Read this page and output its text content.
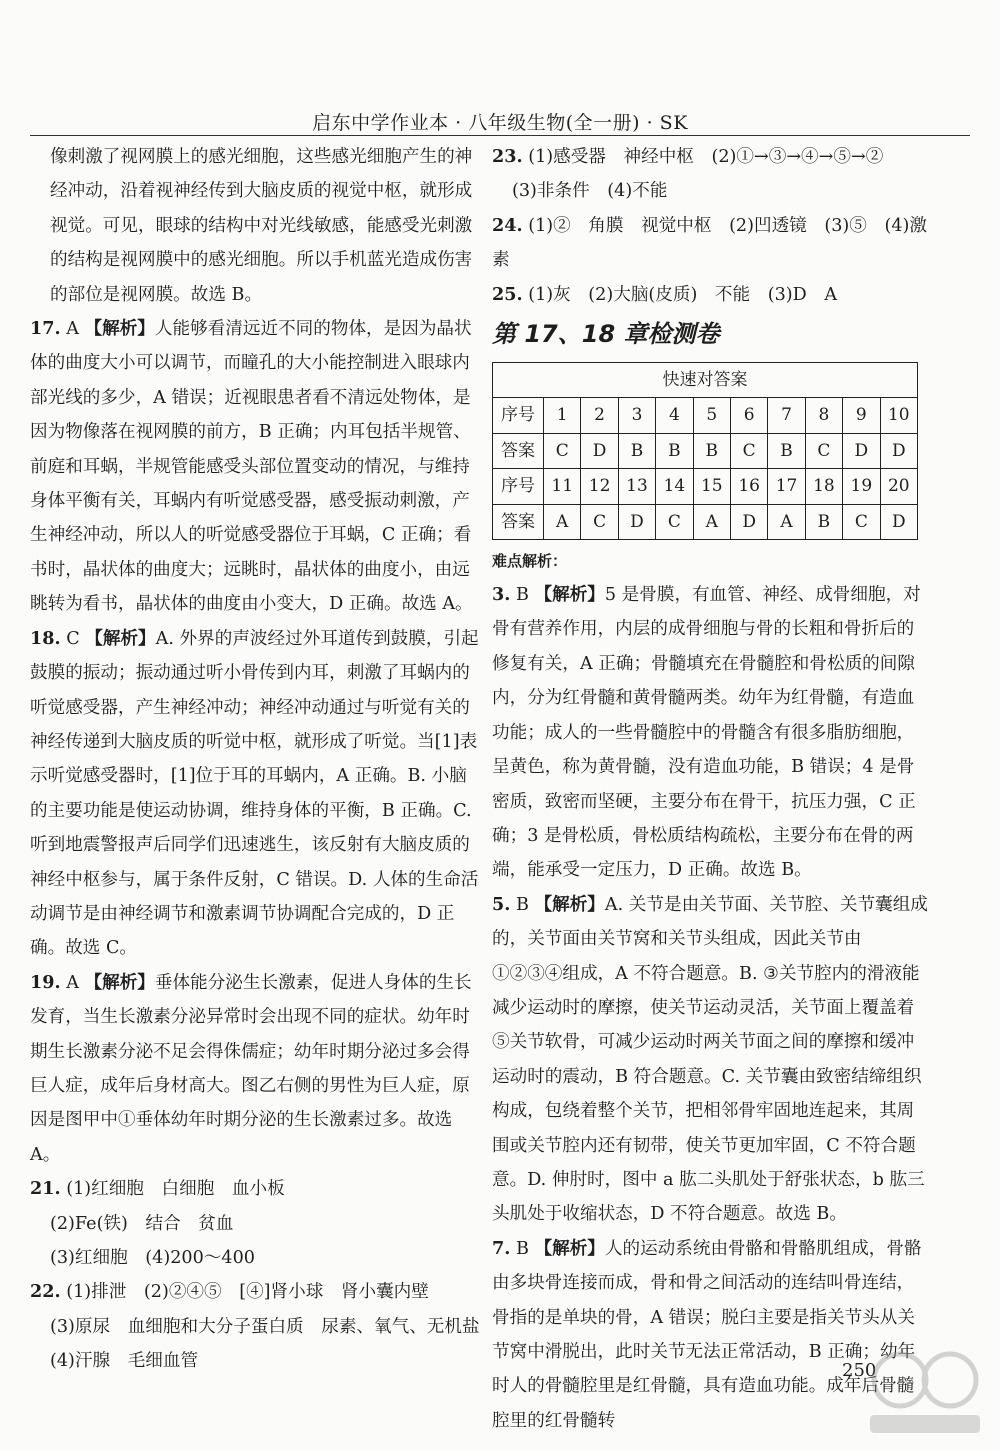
启东中学作业本 · 八年级生物(全一册) · SK

像刺激了视网膜上的感光细胞，这些感光细胞产生的神经冲动，沿着视神经传到大脑皮质的视觉中枢，就形成视觉。可见，眼球的结构中对光线敏感，能感受光刺激的结构是视网膜中的感光细胞。所以手机蓝光造成伤害的部位是视网膜。故选 B。

17. A 【解析】人能够看清远近不同的物体，是因为晶状体的曲度大小可以调节，而瞳孔的大小能控制进入眼球内部光线的多少，A 错误；近视眼患者看不清远处物体，是因为物像落在视网膜的前方，B 正确；内耳包括半规管、前庭和耳蜗，半规管能感受头部位置变动的情况，与维持身体平衡有关，耳蜗内有听觉感受器，感受振动刺激，产生神经冲动，所以人的听觉感受器位于耳蜗，C 正确；看书时，晶状体的曲度大；远眺时，晶状体的曲度小，由远眺转为看书，晶状体的曲度由小变大，D 正确。故选 A。

18. C 【解析】A. 外界的声波经过外耳道传到鼓膜，引起鼓膜的振动；振动通过听小骨传到内耳，刺激了耳蜗内的听觉感受器，产生神经冲动；神经冲动通过与听觉有关的神经传递到大脑皮质的听觉中枢，就形成了听觉。当[1]表示听觉感受器时，[1]位于耳的耳蜗内，A 正确。B. 小脑的主要功能是使运动协调，维持身体的平衡，B 正确。C. 听到地震警报声后同学们迅速逃生，该反射有大脑皮质的神经中枢参与，属于条件反射，C 错误。D. 人体的生命活动调节是由神经调节和激素调节协调配合完成的，D 正确。故选 C。

19. A 【解析】垂体能分泌生长激素，促进人身体的生长发育，当生长激素分泌异常时会出现不同的症状。幼年时期生长激素分泌不足会得侏儒症；幼年时期分泌过多会得巨人症，成年后身材高大。图乙右侧的男性为巨人症，原因是图甲中①垂体幼年时期分泌的生长激素过多。故选 A。

21. (1)红细胞　白细胞　血小板
(2)Fe(铁)　结合　贫血
(3)红细胞　(4)200～400
22. (1)排泄　(2)②④⑤　[④]肾小球　肾小囊内壁
(3)原尿　血细胞和大分子蛋白质　尿素、氧气、无机盐
(4)汗腺　毛细血管
23. (1)感受器　神经中枢　(2)①→③→④→⑤→②
(3)非条件　(4)不能
24. (1)②　角膜　视觉中枢　(2)凹透镜　(3)⑤　(4)激素
25. (1)灰　(2)大脑(皮质)　不能　(3)D　A

第 17、18 章检测卷

快速对答案										
序号	1	2	3	4	5	6	7	8	9	10
答案	C	D	B	B	B	C	B	C	D	D
序号	11	12	13	14	15	16	17	18	19	20
答案	A	C	D	C	A	D	A	B	C	D
难点解析：

3. B 【解析】5 是骨膜，有血管、神经、成骨细胞，对骨有营养作用，内层的成骨细胞与骨的长粗和骨折后的修复有关，A 正确；骨髓填充在骨髓腔和骨松质的间隙内，分为红骨髓和黄骨髓两类。幼年为红骨髓，有造血功能；成人的一些骨髓腔中的骨髓含有很多脂肪细胞，呈黄色，称为黄骨髓，没有造血功能，B 错误；4 是骨密质，致密而坚硬，主要分布在骨干，抗压力强，C 正确；3 是骨松质，骨松质结构疏松，主要分布在骨的两端，能承受一定压力，D 正确。故选 B。

5. B 【解析】A. 关节是由关节面、关节腔、关节囊组成的，关节面由关节窝和关节头组成，因此关节由①②③④组成，A 不符合题意。B. ③关节腔内的滑液能减少运动时的摩擦，使关节运动灵活，关节面上覆盖着⑤关节软骨，可减少运动时两关节面之间的摩擦和缓冲运动时的震动，B 符合题意。C. 关节囊由致密结缔组织构成，包绕着整个关节，把相邻骨牢固地连起来，其周围或关节腔内还有韧带，使关节更加牢固，C 不符合题意。D. 伸肘时，图中 a 肱二头肌处于舒张状态，b 肱三头肌处于收缩状态，D 不符合题意。故选 B。

7. B 【解析】人的运动系统由骨骼和骨骼肌组成，骨骼由多块骨连接而成，骨和骨之间活动的连结叫骨连结，骨指的是单块的骨，A 错误；脱臼主要是指关节头从关节窝中滑脱出，此时关节无法正常活动，B 正确；幼年时人的骨髓腔里是红骨髓，具有造血功能。成年后骨髓腔里的红骨髓转

250
